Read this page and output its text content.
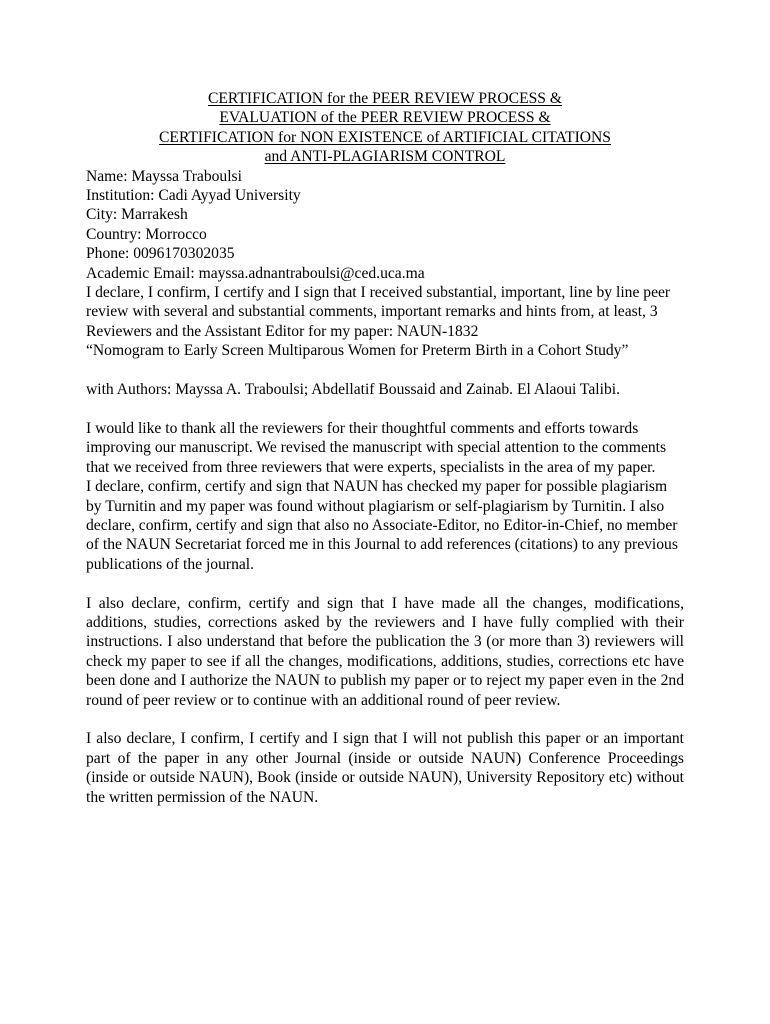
CERTIFICATION for the PEER REVIEW PROCESS &
EVALUATION of the PEER REVIEW PROCESS &
CERTIFICATION for NON EXISTENCE of ARTIFICIAL CITATIONS
and ANTI-PLAGIARISM CONTROL
Name: Mayssa Traboulsi
Institution: Cadi Ayyad University
City: Marrakesh
Country: Morrocco
Phone: 0096170302035
Academic Email: mayssa.adnantraboulsi@ced.uca.ma

I declare, I confirm, I certify and I sign that I received substantial, important, line by line peer review with several and substantial comments, important remarks and hints from, at least, 3 Reviewers and the Assistant Editor for my paper: NAUN-1832

“Nomogram to Early Screen Multiparous Women for Preterm Birth in a Cohort Study”

with Authors: Mayssa A. Traboulsi; Abdellatif Boussaid and Zainab. El Alaoui Talibi.

I would like to thank all the reviewers for their thoughtful comments and efforts towards improving our manuscript. We revised the manuscript with special attention to the comments that we received from three reviewers that were experts, specialists in the area of my paper.

I declare, confirm, certify and sign that NAUN has checked my paper for possible plagiarism by Turnitin and my paper was found without plagiarism or self-plagiarism by Turnitin. I also declare, confirm, certify and sign that also no Associate-Editor, no Editor-in-Chief, no member of the NAUN Secretariat forced me in this Journal to add references (citations) to any previous publications of the journal.

I also declare, confirm, certify and sign that I have made all the changes, modifications, additions, studies, corrections asked by the reviewers and I have fully complied with their instructions. I also understand that before the publication the 3 (or more than 3) reviewers will check my paper to see if all the changes, modifications, additions, studies, corrections etc have been done and I authorize the NAUN to publish my paper or to reject my paper even in the 2nd round of peer review or to continue with an additional round of peer review.

I also declare, I confirm, I certify and I sign that I will not publish this paper or an important part of the paper in any other Journal (inside or outside NAUN) Conference Proceedings (inside or outside NAUN), Book (inside or outside NAUN), University Repository etc) without the written permission of the NAUN.
